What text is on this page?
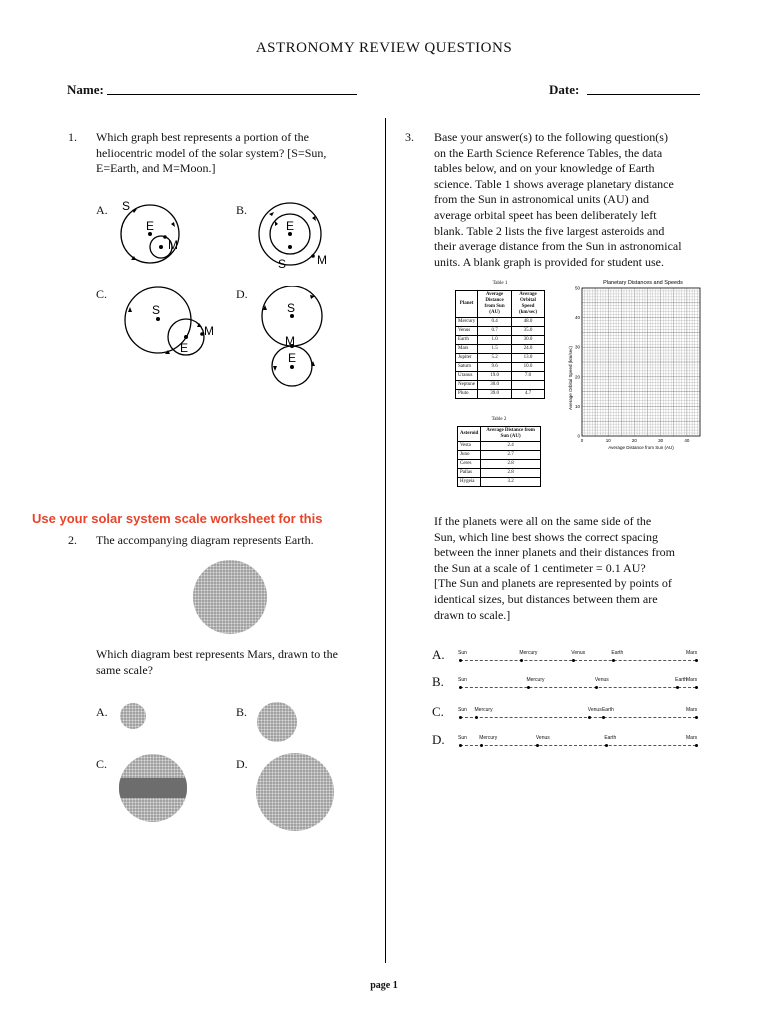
ASTRONOMY REVIEW QUESTIONS
Name:	Date:
1. Which graph best represents a portion of the
heliocentric model of the solar system? [S=Sun,
E=Earth, and M=Moon.]
A.	B.
C.	D.
S
E
M
E
S	M
S
E
M
S
M
E
Use your solar system scale worksheet for this
2. The accompanying diagram represents Earth.
Which diagram best represents Mars, drawn to the
same scale?
A.	B.
C.	D.
3. Base your answer(s) to the following question(s)
on the Earth Science Reference Tables, the data
tables below, and on your knowledge of Earth
science. Table 1 shows average planetary distance
from the Sun in astronomical units (AU) and
average orbital speet has been deliberately left
blank. Table 2 lists the five largest asteroids and
their average distance from the Sun in astronomical
units. A blank graph is provided for student use.
Table 1
Planet	Average Distance from Sun (AU)	Average Orbital Speed (km/sec)
Mercury	0.4	48.0
Venus	0.7	35.0
Earth	1.0	30.0
Mars	1.5	24.0
Jupiter	5.2	13.0
Saturn	9.6	10.0
Uranus	19.0	7.0
Neptune	30.0	
Pluto	39.0	4.7
Table 2
Asteroid	Average Distance from Sun (AU)
Vesta	2.4
Juno	2.7
Ceres	2.8
Pallas	2.8
Hygeia	3.2
Planetary Distances and Speeds
Average Orbital Speed (km/sec)
Average Distance from Sun (AU)
50
40
30
20
10
0
0	10	20	30	40
If the planets were all on the same side of the
Sun, which line best shows the correct spacing
between the inner planets and their distances from
the Sun at a scale of 1 centimeter = 0.1 AU?
[The Sun and planets are represented by points of
identical sizes, but distances between them are
drawn to scale.]
A.	Sun	Mercury	Venus	Earth	Mars
B.	Sun	Mercury	Venus	Earth
Mars
C.	Sun Mercury	Venus Earth	Mars
D.	Sun Mercury	Venus	Earth	Mars
page 1
